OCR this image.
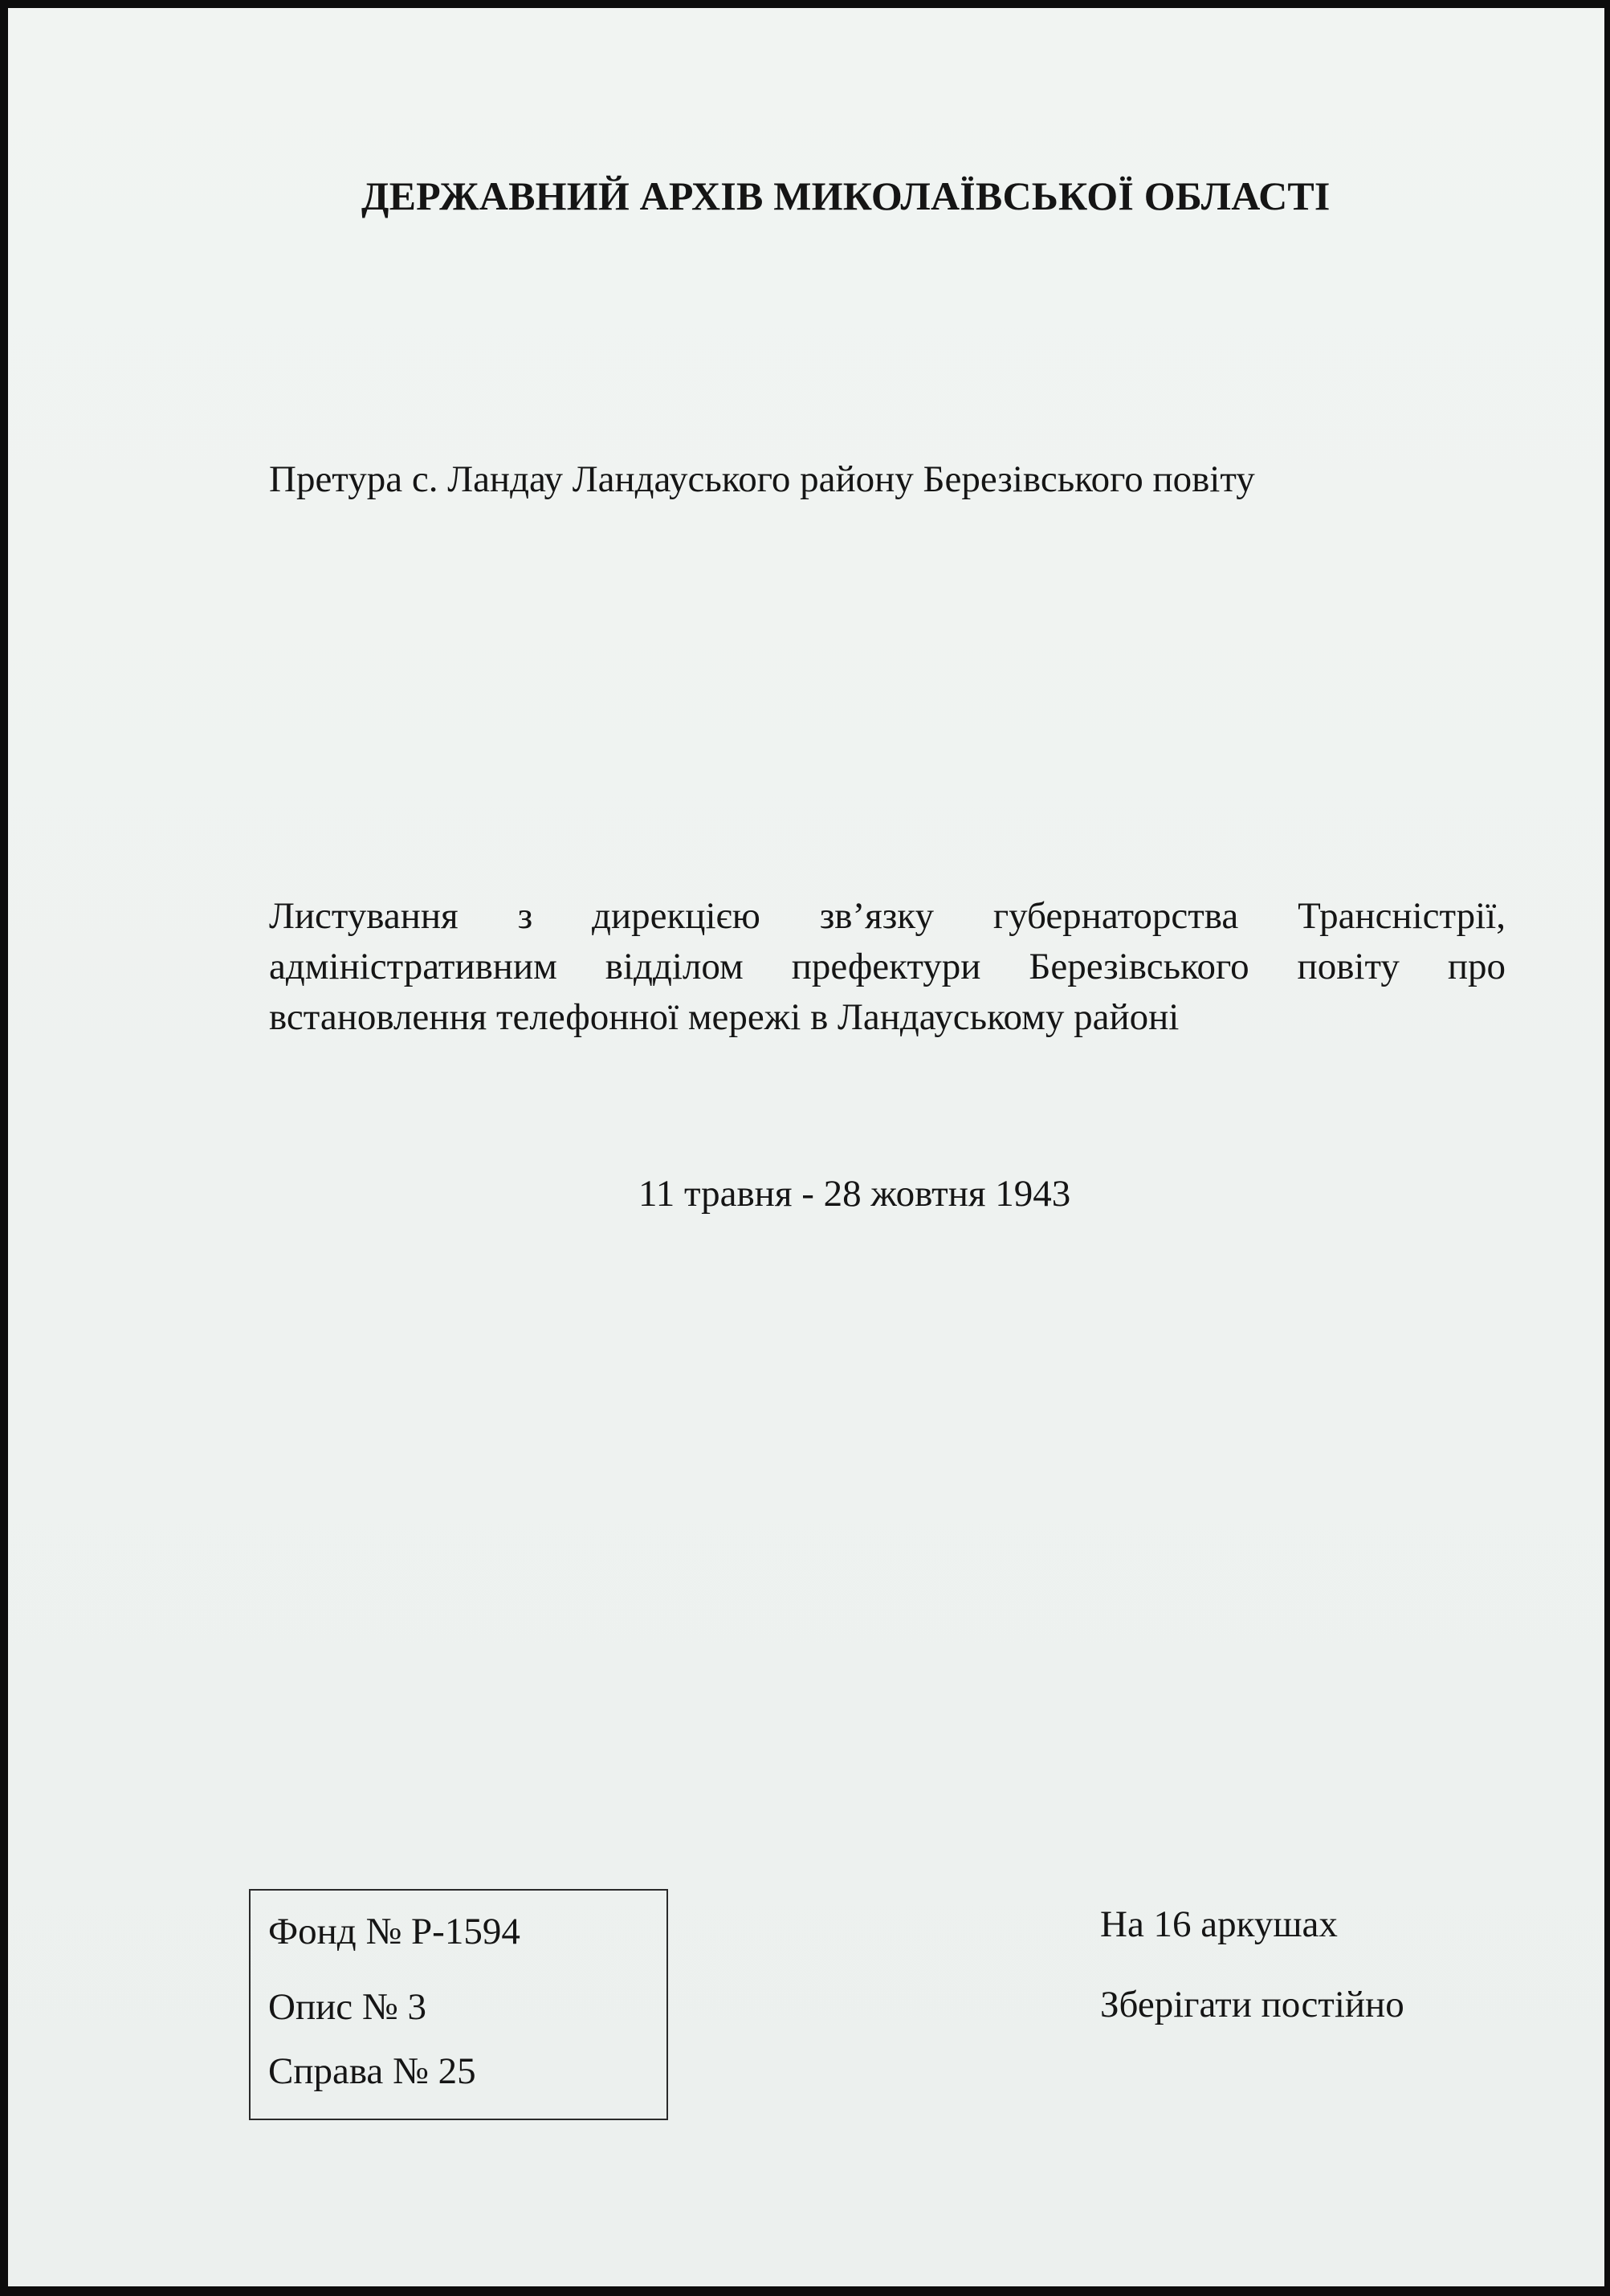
ДЕРЖАВНИЙ АРХІВ МИКОЛАЇВСЬКОЇ ОБЛАСТІ
Претура с. Ландау Ландауського району Березівського повіту
Листування з дирекцією зв’язку губернаторства Трансністрії, адміністративним відділом префектури Березівського повіту про встановлення телефонної мережі в Ландауському районі
11 травня - 28 жовтня 1943
Фонд № Р-1594
Опис № 3
Справа № 25
На 16 аркушах
Зберігати постійно
